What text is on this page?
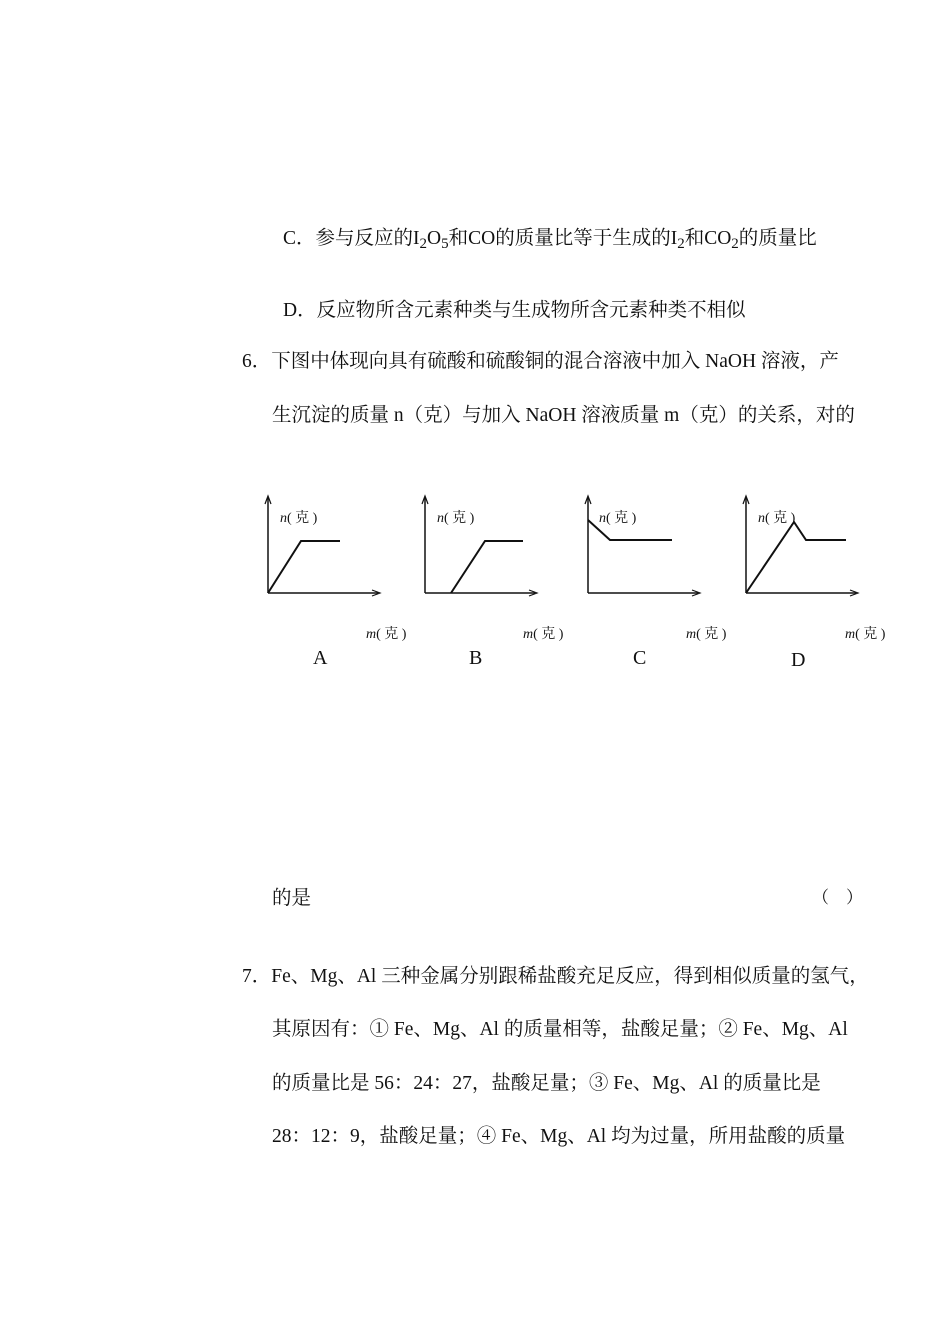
C．参与反应的$I_2O_5$和CO的质量比等于生成的$I_2$和$CO_2$的质量比
D．反应物所含元素种类与生成物所含元素种类不相似
6．下图中体现向具有硫酸和硫酸铜的混合溶液中加入 NaOH 溶液，产
生沉淀的质量 n（克）与加入 NaOH 溶液质量 m（克）的关系，对的
n( 克 )
m( 克 )
A
n( 克 )
m( 克 )
B
n( 克 )
m( 克 )
C
n( 克 )
m( 克 )
D
的是	（    ）
7．Fe、Mg、Al 三种金属分别跟稀盐酸充足反应，得到相似质量的氢气，
其原因有：① Fe、Mg、Al 的质量相等，盐酸足量；② Fe、Mg、Al
的质量比是 56：24：27，盐酸足量；③ Fe、Mg、Al 的质量比是
28：12：9，盐酸足量；④ Fe、Mg、Al 均为过量，所用盐酸的质量
